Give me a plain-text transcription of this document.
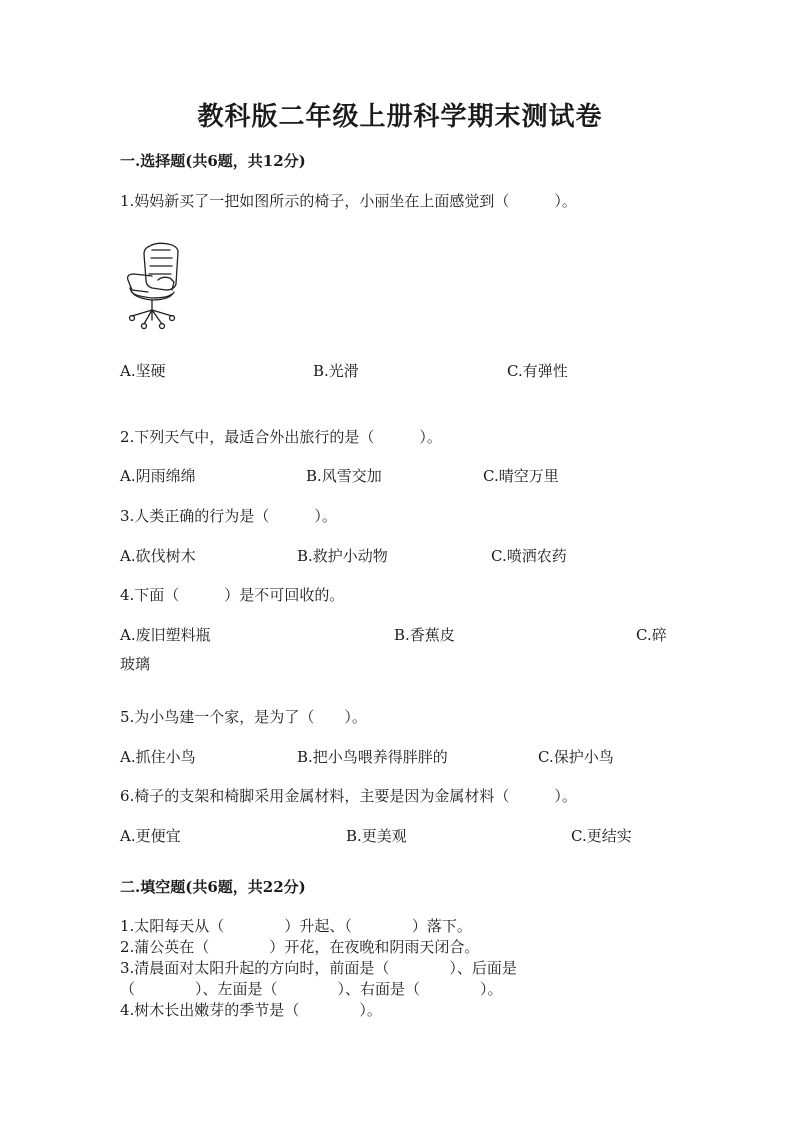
教科版二年级上册科学期末测试卷
一.选择题(共6题，共12分)
1.妈妈新买了一把如图所示的椅子，小丽坐在上面感觉到（　　　）。
A.坚硬	B.光滑	C.有弹性
2.下列天气中，最适合外出旅行的是（　　　）。
A.阴雨绵绵	B.风雪交加	C.晴空万里
3.人类正确的行为是（　　　）。
A.砍伐树木	B.救护小动物	C.喷洒农药
4.下面（　　　）是不可回收的。
A.废旧塑料瓶	B.香蕉皮	C.碎
玻璃
5.为小鸟建一个家，是为了（　　）。
A.抓住小鸟	B.把小鸟喂养得胖胖的	C.保护小鸟
6.椅子的支架和椅脚采用金属材料，主要是因为金属材料（　　　）。
A.更便宜	B.更美观	C.更结实
二.填空题(共6题，共22分)
1.太阳每天从（　　　　）升起、（　　　　）落下。
2.蒲公英在（　　　　）开花，在夜晚和阴雨天闭合。
3.清晨面对太阳升起的方向时，前面是（　　　　）、后面是
（　　　　）、左面是（　　　　）、右面是（　　　　）。
4.树木长出嫩芽的季节是（　　　　）。
